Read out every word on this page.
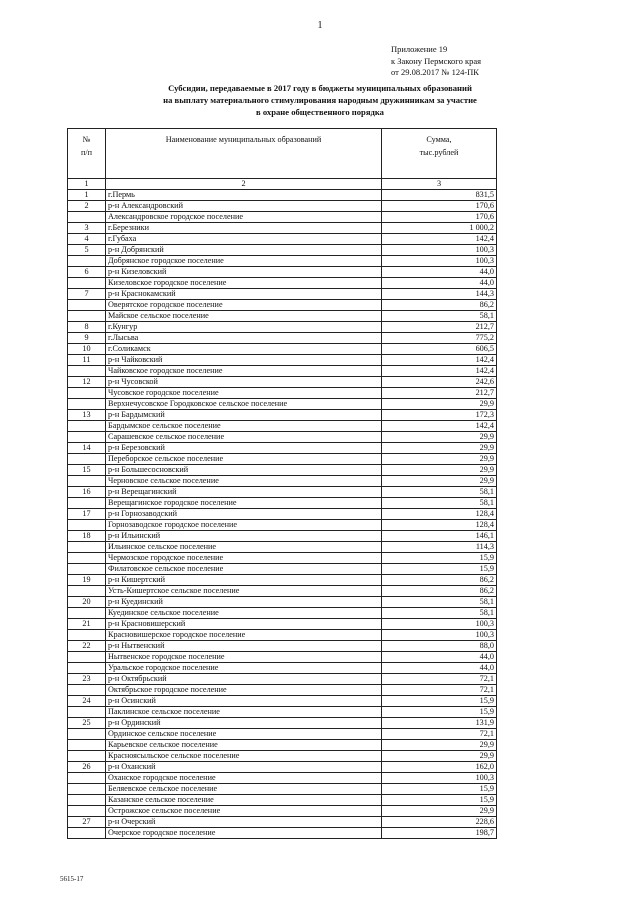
1
Приложение 19
к Закону Пермского края
от 29.08.2017 № 124-ПК
Субсидии, передаваемые в 2017 году в бюджеты муниципальных образований
на выплату материального стимулирования народным дружинникам за участие
в охране общественного порядка
№
п/п	Наименование муниципальных образований	Сумма,
тыс.рублей
1	2	3
1	г.Пермь	831,5
2	р-н Александровский	170,6
	Александровское городское поселение	170,6
3	г.Березники	1 000,2
4	г.Губаха	142,4
5	р-н Добрянский	100,3
	Добрянское городское поселение	100,3
6	р-н Кизеловский	44,0
	Кизеловское городское поселение	44,0
7	р-н Краснокамский	144,3
	Оверятское городское поселение	86,2
	Майское сельское поселение	58,1
8	г.Кунгур	212,7
9	г.Лысьва	775,2
10	г.Соликамск	606,5
11	р-н Чайковский	142,4
	Чайковское городское поселение	142,4
12	р-н Чусовской	242,6
	Чусовское городское поселение	212,7
	Верхнечусовское Городковское сельское поселение	29,9
13	р-н Бардымский	172,3
	Бардымское сельское поселение	142,4
	Сарашевское сельское поселение	29,9
14	р-н Березовский	29,9
	Переборское сельское поселение	29,9
15	р-н Большесосновский	29,9
	Черновское сельское поселение	29,9
16	р-н Верещагинский	58,1
	Верещагинское городское поселение	58,1
17	р-н Горнозаводский	128,4
	Горнозаводское городское поселение	128,4
18	р-н Ильинский	146,1
	Ильинское сельское поселение	114,3
	Чермозское городское поселение	15,9
	Филатовское сельское поселение	15,9
19	р-н Кишертский	86,2
	Усть-Кишертское сельское поселение	86,2
20	р-н Куединский	58,1
	Куединское сельское поселение	58,1
21	р-н Красновишерский	100,3
	Красновишерское городское поселение	100,3
22	р-н Нытвенский	88,0
	Нытвенское городское поселение	44,0
	Уральское городское поселение	44,0
23	р-н Октябрьский	72,1
	Октябрьское городское поселение	72,1
24	р-н Осинский	15,9
	Паклинское сельское поселение	15,9
25	р-н Ординский	131,9
	Ординское сельское поселение	72,1
	Карьевское сельское поселение	29,9
	Красноясыльское сельское поселение	29,9
26	р-н Оханский	162,0
	Оханское городское поселение	100,3
	Беляевское сельское поселение	15,9
	Казанское сельское поселение	15,9
	Острожское сельское поселение	29,9
27	р-н Очерский	228,6
	Очерское городское поселение	198,7
5615-17
